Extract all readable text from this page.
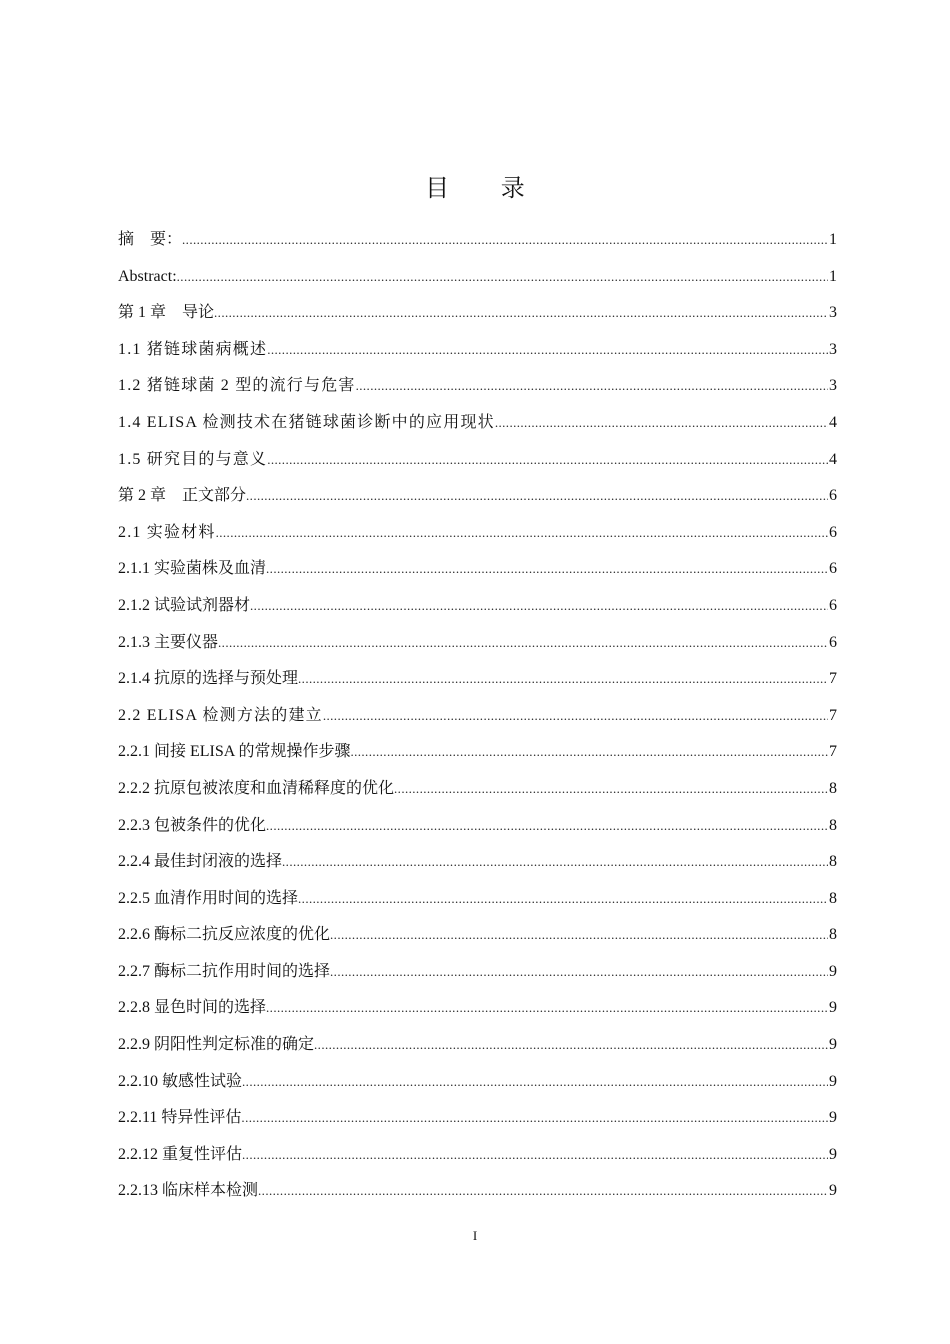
目 录
摘　要： .....	1
Abstract: .....	1
第 1 章　导论 .....	3
1.1 猪链球菌病概述 .....	3
1.2 猪链球菌 2 型的流行与危害 .....	3
1.4 ELISA 检测技术在猪链球菌诊断中的应用现状 .....	4
1.5 研究目的与意义 .....	4
第 2 章　正文部分 .....	6
2.1 实验材料 .....	6
2.1.1 实验菌株及血清 .....	6
2.1.2 试验试剂器材 .....	6
2.1.3 主要仪器 .....	6
2.1.4 抗原的选择与预处理 .....	7
2.2 ELISA 检测方法的建立 .....	7
2.2.1 间接 ELISA 的常规操作步骤 .....	7
2.2.2 抗原包被浓度和血清稀释度的优化 .....	8
2.2.3 包被条件的优化 .....	8
2.2.4 最佳封闭液的选择 .....	8
2.2.5 血清作用时间的选择 .....	8
2.2.6 酶标二抗反应浓度的优化 .....	8
2.2.7 酶标二抗作用时间的选择 .....	9
2.2.8 显色时间的选择 .....	9
2.2.9 阴阳性判定标准的确定 .....	9
2.2.10 敏感性试验 .....	9
2.2.11 特异性评估 .....	9
2.2.12 重复性评估 .....	9
2.2.13 临床样本检测 .....	9
I
